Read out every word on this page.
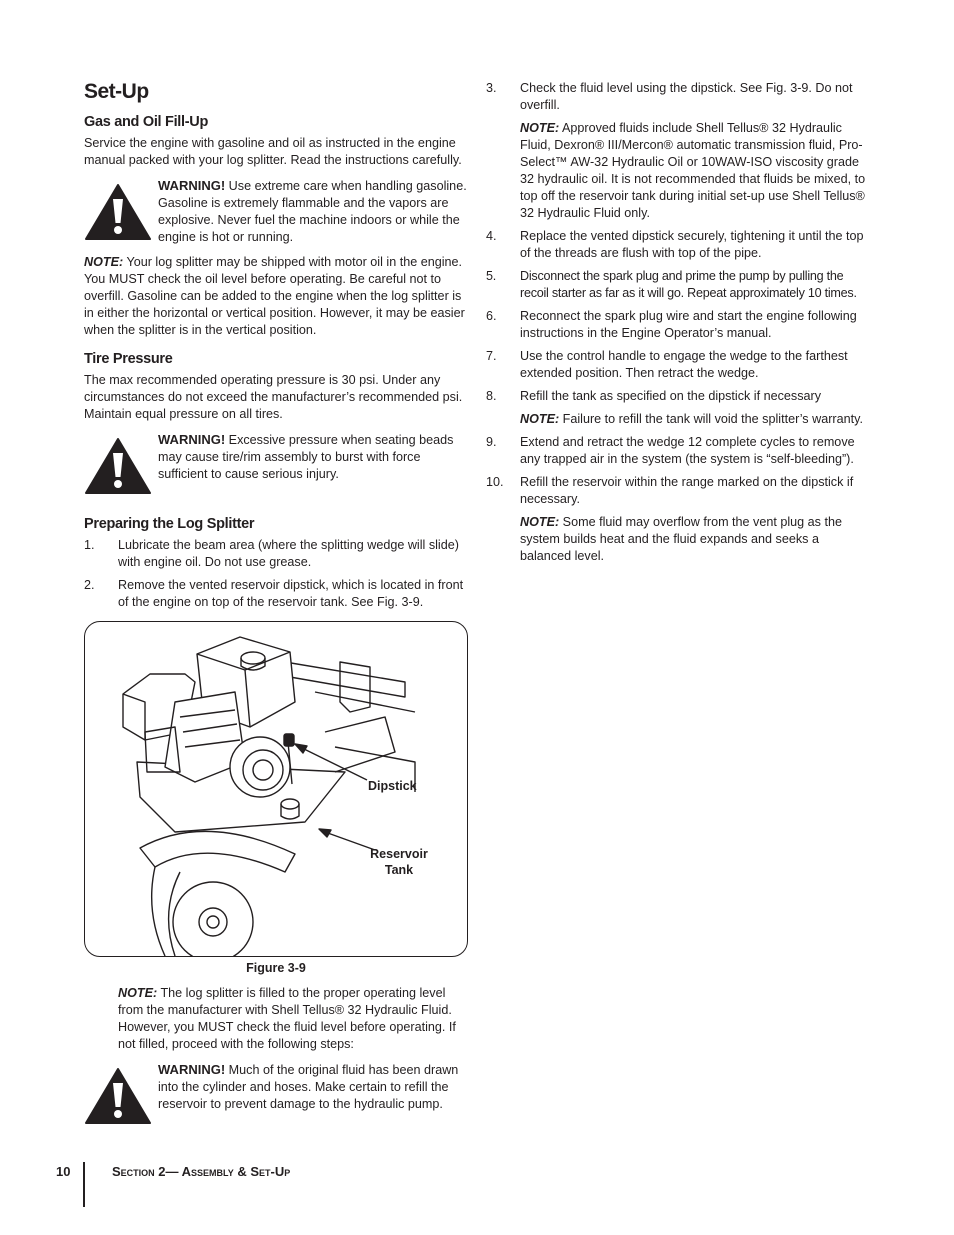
Set-Up
Gas and Oil Fill-Up

Service the engine with gasoline and oil as instructed in the engine manual packed with your log splitter. Read the instructions carefully.

WARNING! Use extreme care when handling gasoline. Gasoline is extremely flammable and the vapors are explosive. Never fuel the machine indoors or while the engine is hot or running.

NOTE: Your log splitter may be shipped with motor oil in the engine. You MUST check the oil level before operating. Be careful not to overfill. Gasoline can be added to the engine when the log splitter is in either the horizontal or vertical position. However, it may be easier when the splitter is in the vertical position.

Tire Pressure

The max recommended operating pressure is 30 psi. Under any circumstances do not exceed the manufacturer’s recommended psi. Maintain equal pressure on all tires.

WARNING! Excessive pressure when seating beads may cause tire/rim assembly to burst with force sufficient to cause serious injury.
Preparing the Log Splitter
1.	Lubricate the beam area (where the splitting wedge will slide) with engine oil. Do not use grease.
2.	Remove the vented reservoir dipstick, which is located in front of the engine on top of the reservoir tank. See Fig. 3-9.
Dipstick
Reservoir
Tank
Figure 3-9

NOTE: The log splitter is filled to the proper operating level from the manufacturer with Shell Tellus® 32 Hydraulic Fluid. However, you MUST check the fluid level before operating. If not filled, proceed with the following steps:

WARNING! Much of the original fluid has been drawn into the cylinder and hoses. Make certain to refill the reservoir to prevent damage to the hydraulic pump.
3.	Check the fluid level using the dipstick. See Fig. 3-9. Do not overfill.
NOTE: Approved fluids include Shell Tellus® 32 Hydraulic Fluid, Dexron® III/Mercon® automatic transmission fluid, Pro-Select™ AW-32 Hydraulic Oil or 10WAW-ISO viscosity grade 32 hydraulic oil. It is not recommended that fluids be mixed, to top off the reservoir tank during initial set-up use Shell Tellus® 32 Hydraulic Fluid only.
4.	Replace the vented dipstick securely, tightening it until the top of the threads are flush with top of the pipe.
5.	Disconnect the spark plug and prime the pump by pulling the recoil starter as far as it will go. Repeat approximately 10 times.
6.	Reconnect the spark plug wire and start the engine following instructions in the Engine Operator’s manual.
7.	Use the control handle to engage the wedge to the farthest extended position. Then retract the wedge.
8.	Refill the tank as specified on the dipstick if necessary
NOTE: Failure to refill the tank will void the splitter’s warranty.
9.	Extend and retract the wedge 12 complete cycles to remove any trapped air in the system (the system is “self-bleeding”).
10.	Refill the reservoir within the range marked on the dipstick if necessary.
NOTE: Some fluid may overflow from the vent plug as the system builds heat and the fluid expands and seeks a balanced level.
10	Section 2— Assembly & Set-Up
